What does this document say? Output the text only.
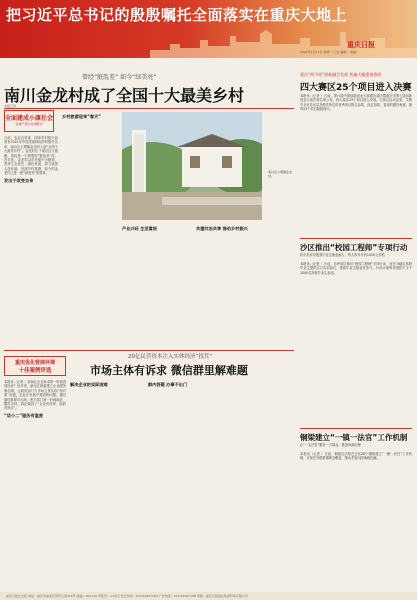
把习近平总书记的殷殷嘱托全面落实在重庆大地上
重庆日报
2022年1月17日 星期一 三农 编辑： 美编：
曾经“脏乱差” 如今“绿美亮”
南川金龙村成了全国十大最美乡村
本报记者
全面建成小康社会
“百城千县万村调研行”
日前，农业农村部、国家乡村振兴局发布2021年中国美丽休闲乡村推介名单，南川区大观镇金龙村入选“全国十大最美乡村”。金龙村位于南川区大观镇，曾经是一个典型的“脏乱差”村。近年来，金龙村以乡村振兴为统领，坚持生态优先、绿色发展，着力改善人居环境，发展乡村旅游，如今的金龙村已是一派“绿美亮”的景象。
发出于改变自身
乡村旅游迎来“春天”
南川区大观镇金龙村。
产业兴旺 生活富裕	共建共治共享 推动乡村振兴
重庆“两不停”创新融合发展 普遍大幅重视推荐
四大赛区25个项目进入决赛
本报讯（记者 ）日前，第六届中国创新创业大赛重庆赛区暨重庆市第七届创新创业大赛决赛名单公布，四大赛区25个项目进入决赛。大赛自启动以来，共吸引全市各区县及相关单位的优秀项目报名参赛，经过初赛、复赛的激烈角逐，最终25个项目脱颖而出。
沙区推出“校园工程师”专项行动
将分类评价提高毕业生就业能力，每人每月可获1000元补贴
本报讯（记者 ）日前，沙坪坝区推出“校园工程师”专项行动，旨在为辖区高校毕业生提供实习实训岗位，提高毕业生就业竞争力。行动计划每年组织不少于1000名高校毕业生参加。
铜梁建立“一镇一法官”工作机制
让“一名法官”服务一方群众，推进诉源治理
本报讯（记者 ）日前，铜梁区法院在全区28个镇街建立“一镇一法官”工作机制，实现法官联系镇街全覆盖，推动矛盾纠纷就地化解。
重庆优化营商环境
十佳案例评选
20亿民营资本注入实体经济“找茬”
市场主体有诉求 微信群里解难题
本报讯（记者 ）如何让企业诉求第一时间得到回应？近年来，渝北区探索建立企业服务微信群，让政府部门与市场主体实现“面对面”沟通，企业在发展中遇到的问题，通过微信群即可反映，相关部门第一时间响应，限时办结，真正做到了“企业有所呼、政府有所应”。
“店小二”服务有温度
解决企业的实际困难	群内答疑 办事不出门
重庆日报社出版 地址：重庆市渝北区同茂大道416号 邮编：401120 零售价：1.50元 发行热线：023-63907166 广告热线：023-63907188 印刷：重庆日报报业集团印务有限公司
